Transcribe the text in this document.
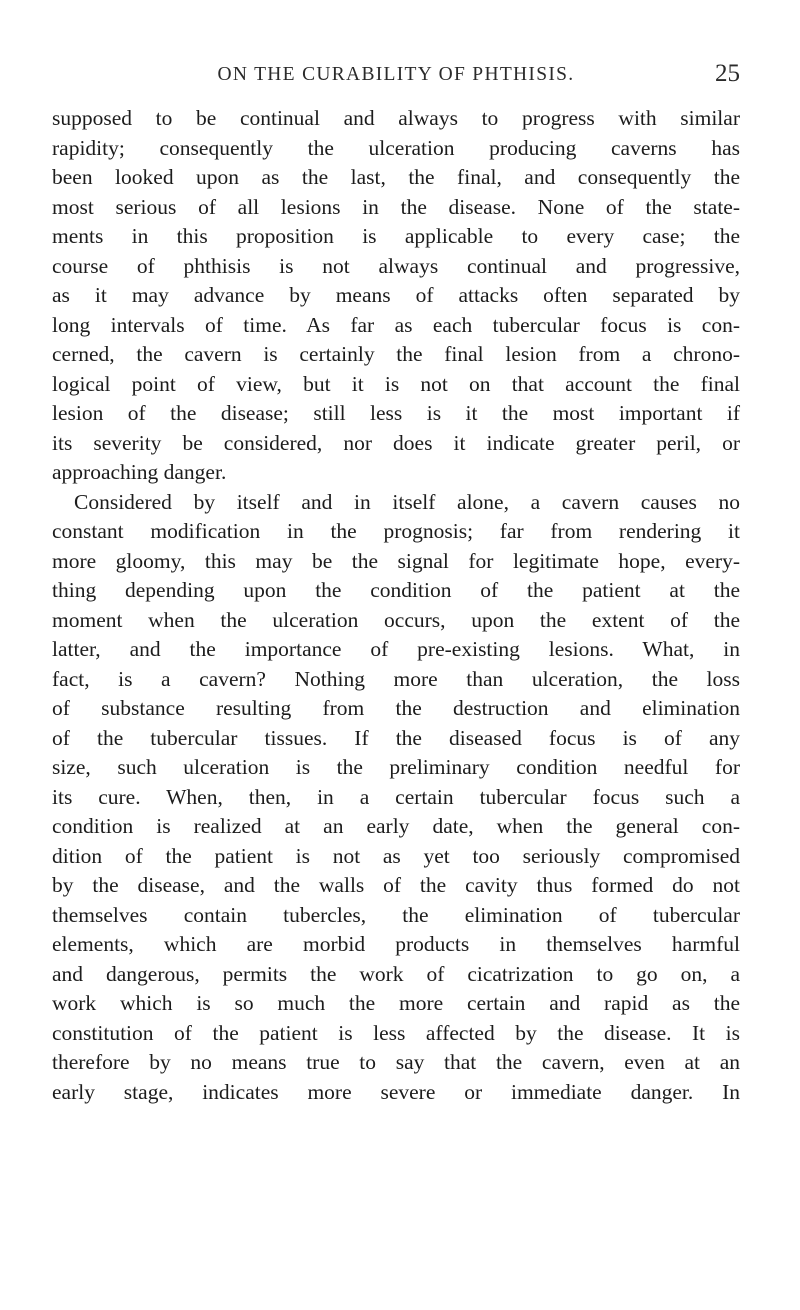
ON THE CURABILITY OF PHTHISIS.	25
supposed to be continual and always to progress with similar
rapidity; consequently the ulceration producing caverns has
been looked upon as the last, the final, and consequently the
most serious of all lesions in the disease. None of the state-
ments in this proposition is applicable to every case; the
course of phthisis is not always continual and progressive,
as it may advance by means of attacks often separated by
long intervals of time. As far as each tubercular focus is con-
cerned, the cavern is certainly the final lesion from a chrono-
logical point of view, but it is not on that account the final
lesion of the disease; still less is it the most important if
its severity be considered, nor does it indicate greater peril, or
approaching danger.
Considered by itself and in itself alone, a cavern causes no
constant modification in the prognosis; far from rendering it
more gloomy, this may be the signal for legitimate hope, every-
thing depending upon the condition of the patient at the
moment when the ulceration occurs, upon the extent of the
latter, and the importance of pre-existing lesions. What, in
fact, is a cavern? Nothing more than ulceration, the loss
of substance resulting from the destruction and elimination
of the tubercular tissues. If the diseased focus is of any
size, such ulceration is the preliminary condition needful for
its cure. When, then, in a certain tubercular focus such a
condition is realized at an early date, when the general con-
dition of the patient is not as yet too seriously compromised
by the disease, and the walls of the cavity thus formed do not
themselves contain tubercles, the elimination of tubercular
elements, which are morbid products in themselves harmful
and dangerous, permits the work of cicatrization to go on, a
work which is so much the more certain and rapid as the
constitution of the patient is less affected by the disease. It is
therefore by no means true to say that the cavern, even at an
early stage, indicates more severe or immediate danger. In
